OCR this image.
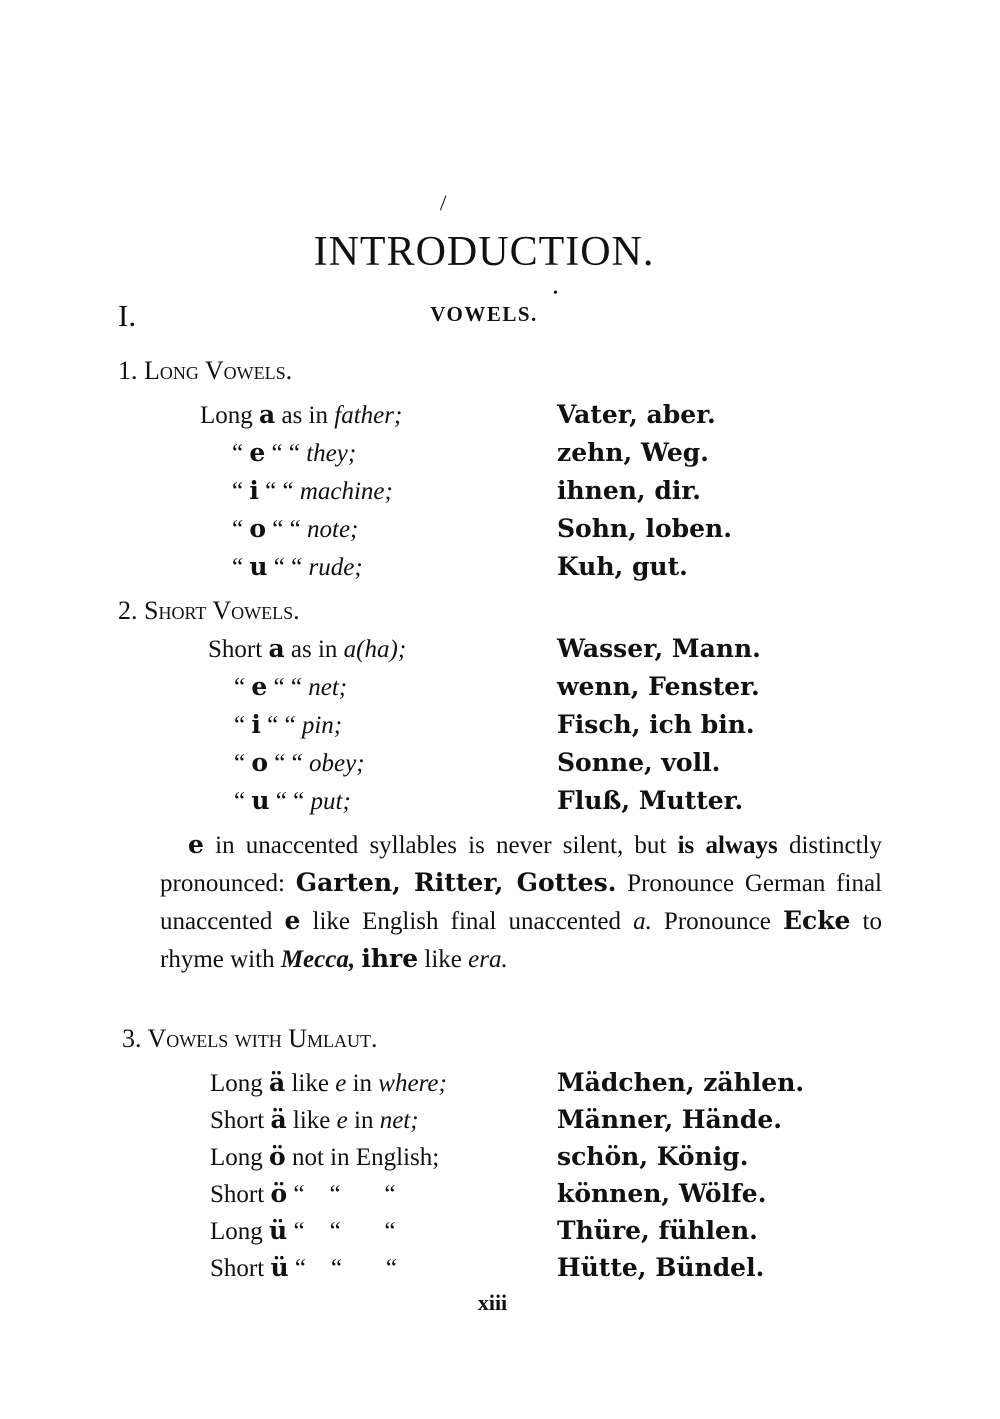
\
INTRODUCTION.
I.	VOWELS.
•
1. Long Vowels.
Long a as in father;	Vater, aber.
“ e “ “ they;	zehn, Weg.
“ i “ “ machine;	ihnen, dir.
“ o “ “ note;	Sohn, loben.
“ u “ “ rude;	Kuh, gut.
2. Short Vowels.
Short a as in a(ha);	Wasser, Mann.
“ e “ “ net;	wenn, Fenster.
“ i “ “ pin;	Fisch, ich bin.
“ o “ “ obey;	Sonne, voll.
“ u “ “ put;	Fluß, Mutter.
e in unaccented syllables is never silent, but is always distinctly pronounced: Garten, Ritter, Gottes. Pronounce German final unaccented e like English final unaccented a. Pronounce Ecke to rhyme with Mecca, ihre like era.
3. Vowels with Umlaut.
Long ä like e in where;	Mädchen, zählen.
Short ä like e in net;	Männer, Hände.
Long ö not in English;	schön, König.
Short ö “    “       “	können, Wölfe.
Long ü “    “       “	Thüre, fühlen.
Short ü “    “       “	Hütte, Bündel.
xiii
